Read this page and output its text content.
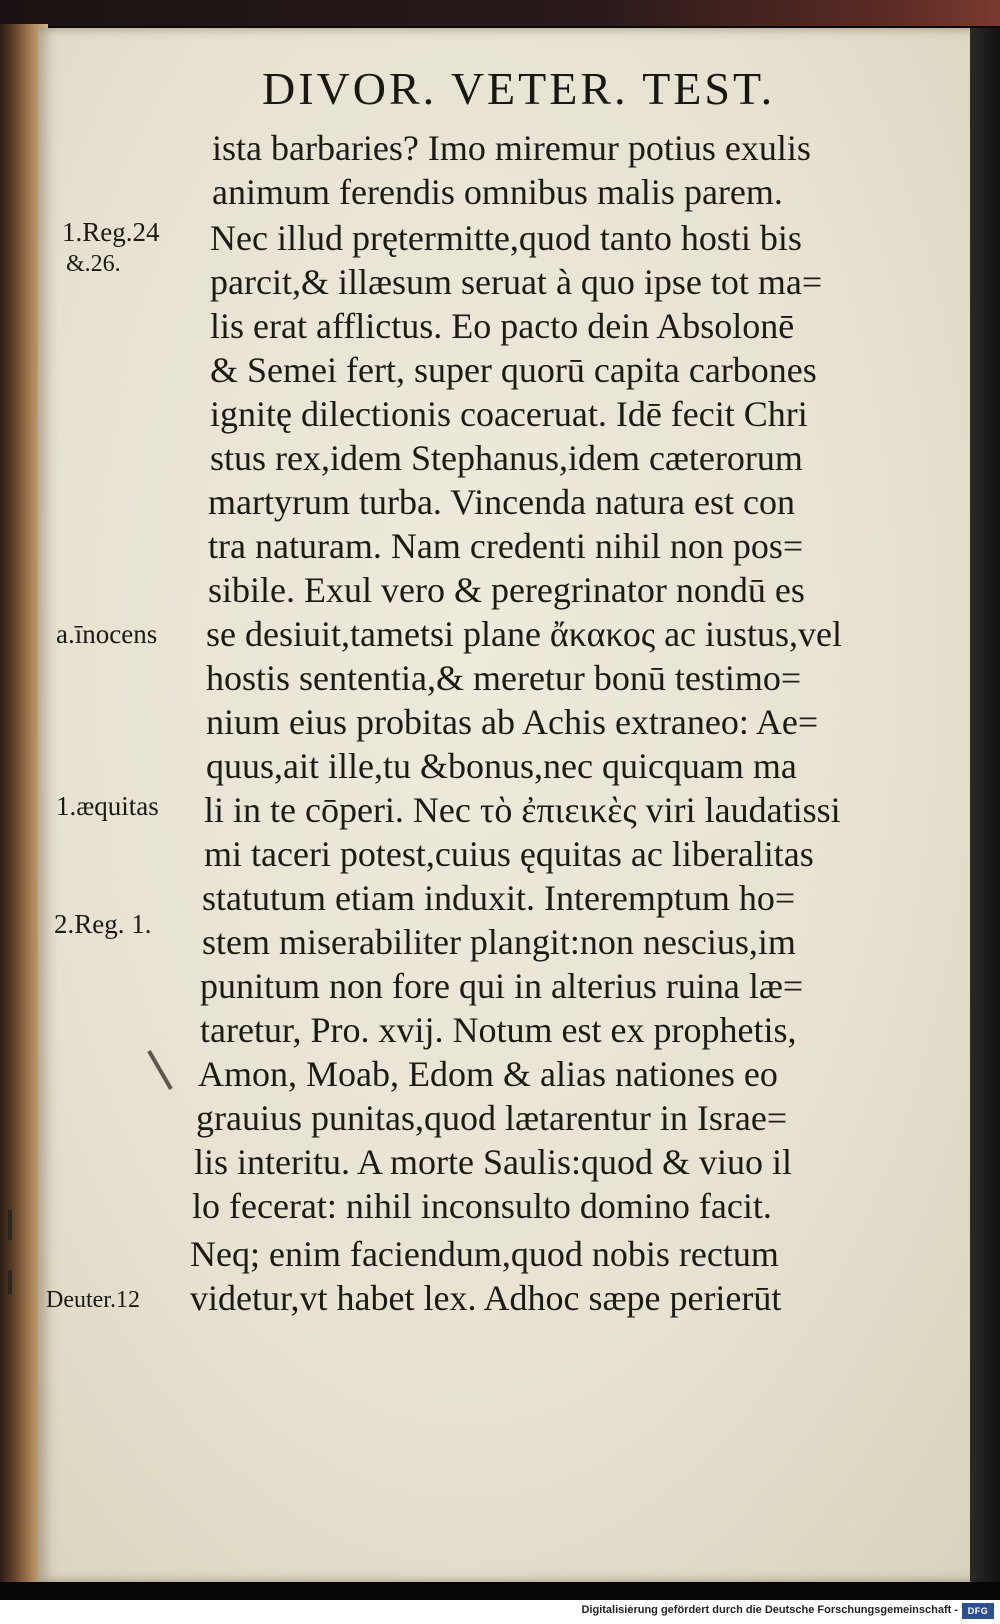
DIVOR. VETER. TEST.
ista barbaries? Imo miremur potius exulis
animum ferendis omnibus malis parem.
Nec illud prętermitte,quod tanto hosti bis
parcit,& illæsum seruat à quo ipse tot ma=
lis erat afflictus. Eo pacto dein Absolonē
& Semei fert, super quorū capita carbones
ignitę dilectionis coaceruat. Idē fecit Chri
stus rex,idem Stephanus,idem cæterorum
martyrum turba. Vincenda natura est con
tra naturam. Nam credenti nihil non pos=
sibile. Exul vero & peregrinator nondū es
se desiuit,tametsi plane ἄκακος ac iustus,vel
hostis sententia,& meretur bonū testimo=
nium eius probitas ab Achis extraneo: Ae=
quus,ait ille,tu &bonus,nec quicquam ma
li in te cōperi. Nec τὸ ἐπιεικὲς viri laudatissi
mi taceri potest,cuius ęquitas ac liberalitas
statutum etiam induxit. Interemptum ho=
stem miserabiliter plangit:non nescius,im
punitum non fore qui in alterius ruina læ=
taretur, Pro. xvij. Notum est ex prophetis,
Amon, Moab, Edom & alias nationes eo
grauius punitas,quod lætarentur in Israe=
lis interitu. A morte Saulis:quod & viuo il
lo fecerat: nihil inconsulto domino facit.
Neq; enim faciendum,quod nobis rectum
videtur,vt habet lex. Adhoc sæpe perierūt
1.Reg.24
&.26.
a.īnocens
1.æquitas
2.Reg. 1.
Deuter.12
Digitalisierung gefördert durch die Deutsche Forschungsgemeinschaft -	DFG
